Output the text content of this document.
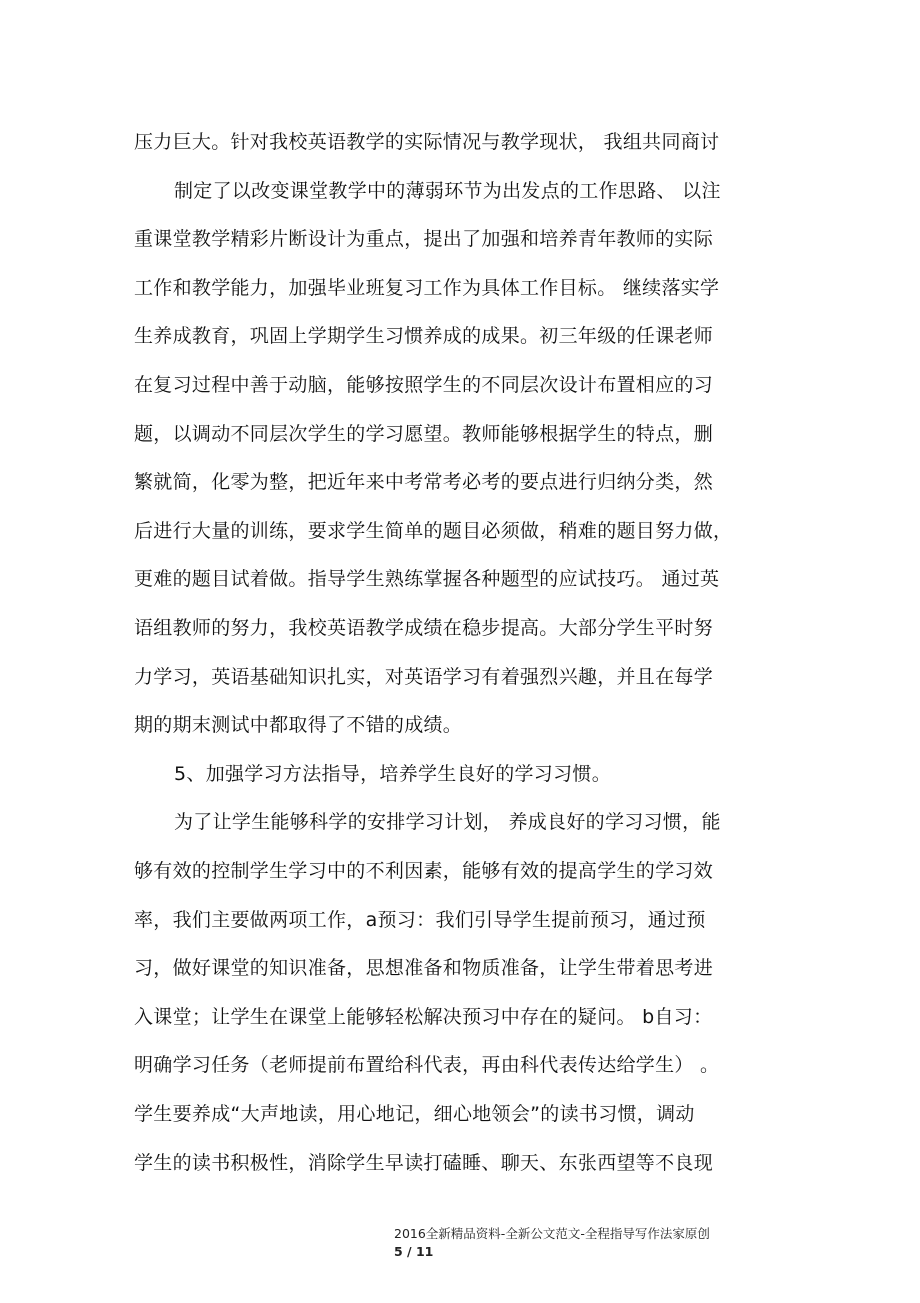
压力巨大。针对我校英语教学的实际情况与教学现状， 我组共同商讨
制定了以改变课堂教学中的薄弱环节为出发点的工作思路、 以注
重课堂教学精彩片断设计为重点，提出了加强和培养青年教师的实际
工作和教学能力，加强毕业班复习工作为具体工作目标。 继续落实学
生养成教育，巩固上学期学生习惯养成的成果。初三年级的任课老师
在复习过程中善于动脑，能够按照学生的不同层次设计布置相应的习
题，以调动不同层次学生的学习愿望。教师能够根据学生的特点，删
繁就简，化零为整，把近年来中考常考必考的要点进行归纳分类，然
后进行大量的训练，要求学生简单的题目必须做，稍难的题目努力做，
更难的题目试着做。指导学生熟练掌握各种题型的应试技巧。 通过英
语组教师的努力，我校英语教学成绩在稳步提高。大部分学生平时努
力学习，英语基础知识扎实，对英语学习有着强烈兴趣，并且在每学
期的期末测试中都取得了不错的成绩。
5、加强学习方法指导，培养学生良好的学习习惯。
为了让学生能够科学的安排学习计划， 养成良好的学习习惯，能
够有效的控制学生学习中的不利因素，能够有效的提高学生的学习效
率，我们主要做两项工作，a预习：我们引导学生提前预习，通过预
习，做好课堂的知识准备，思想准备和物质准备，让学生带着思考进
入课堂；让学生在课堂上能够轻松解决预习中存在的疑问。 b自习：
明确学习任务（老师提前布置给科代表，再由科代表传达给学生） 。
学生要养成“大声地读，用心地记，细心地领会”的读书习惯，调动
学生的读书积极性，消除学生早读打磕睡、聊天、东张西望等不良现
2016全新精品资料-全新公文范文-全程指导写作法家原创
5 / 11
